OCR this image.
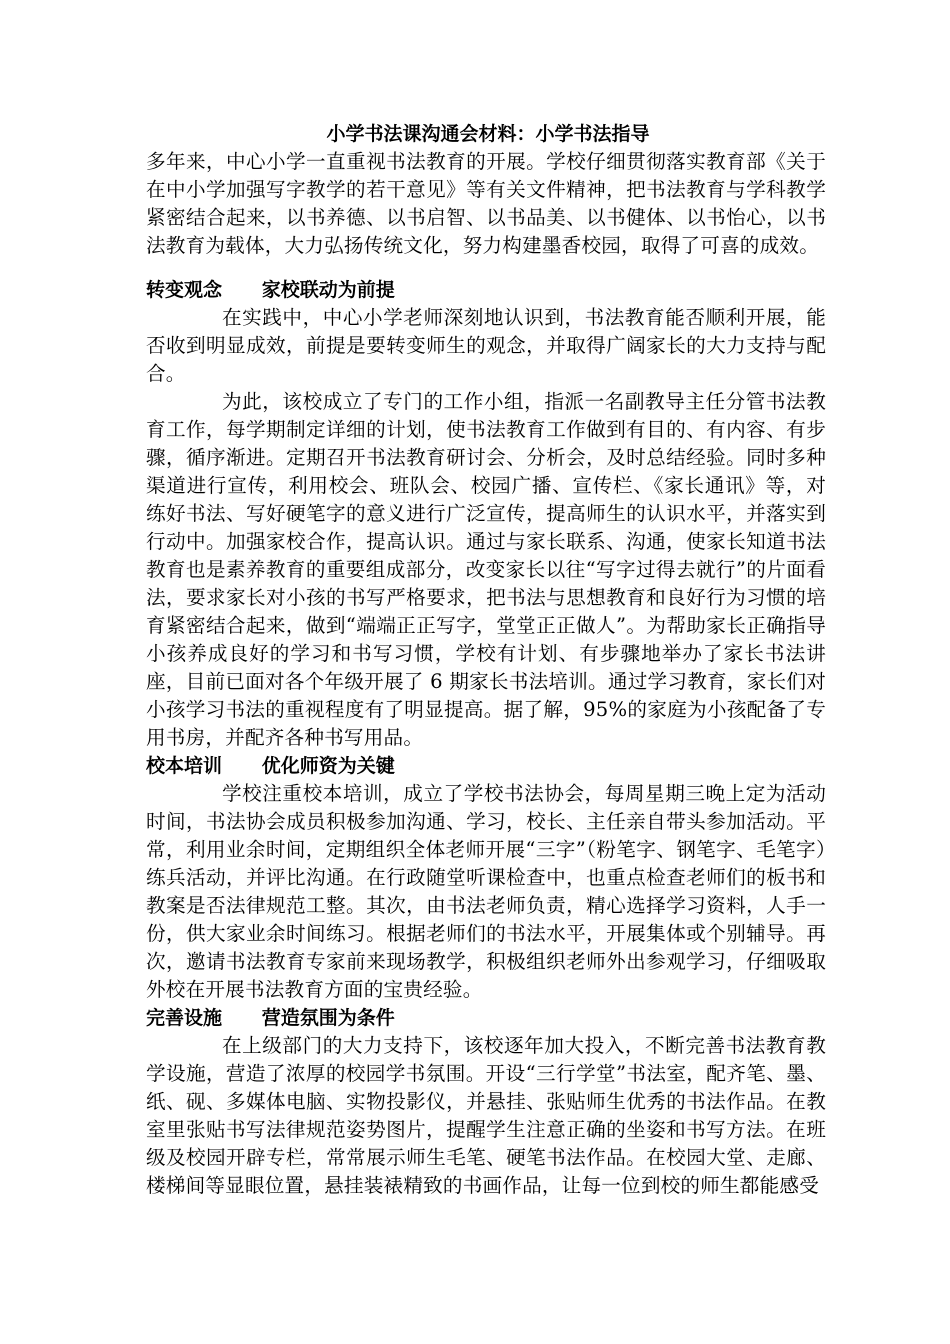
小学书法课沟通会材料：小学书法指导

多年来，中心小学一直重视书法教育的开展。学校仔细贯彻落实教育部《关于在中小学加强写字教学的若干意见》等有关文件精神，把书法教育与学科教学紧密结合起来，以书养德、以书启智、以书品美、以书健体、以书怡心，以书法教育为载体，大力弘扬传统文化，努力构建墨香校园，取得了可喜的成效。

转变观念      家校联动为前提

在实践中，中心小学老师深刻地认识到，书法教育能否顺利开展，能否收到明显成效，前提是要转变师生的观念，并取得广阔家长的大力支持与配合。

为此，该校成立了专门的工作小组，指派一名副教导主任分管书法教育工作，每学期制定详细的计划，使书法教育工作做到有目的、有内容、有步骤，循序渐进。定期召开书法教育研讨会、分析会，及时总结经验。同时多种渠道进行宣传，利用校会、班队会、校园广播、宣传栏、《家长通讯》等，对练好书法、写好硬笔字的意义进行广泛宣传，提高师生的认识水平，并落实到行动中。加强家校合作，提高认识。通过与家长联系、沟通，使家长知道书法教育也是素养教育的重要组成部分，改变家长以往“写字过得去就行”的片面看法，要求家长对小孩的书写严格要求，把书法与思想教育和良好行为习惯的培育紧密结合起来，做到“端端正正写字，堂堂正正做人”。为帮助家长正确指导小孩养成良好的学习和书写习惯，学校有计划、有步骤地举办了家长书法讲座，目前已面对各个年级开展了 6 期家长书法培训。通过学习教育，家长们对小孩学习书法的重视程度有了明显提高。据了解，95%的家庭为小孩配备了专用书房，并配齐各种书写用品。

校本培训      优化师资为关键

学校注重校本培训，成立了学校书法协会，每周星期三晚上定为活动时间，书法协会成员积极参加沟通、学习，校长、主任亲自带头参加活动。平常，利用业余时间，定期组织全体老师开展“三字”（粉笔字、钢笔字、毛笔字）练兵活动，并评比沟通。在行政随堂听课检查中，也重点检查老师们的板书和教案是否法律规范工整。其次，由书法老师负责，精心选择学习资料，人手一份，供大家业余时间练习。根据老师们的书法水平，开展集体或个别辅导。再次，邀请书法教育专家前来现场教学，积极组织老师外出参观学习，仔细吸取外校在开展书法教育方面的宝贵经验。

完善设施      营造氛围为条件

在上级部门的大力支持下，该校逐年加大投入，不断完善书法教育教学设施，营造了浓厚的校园学书氛围。开设“三行学堂”书法室，配齐笔、墨、纸、砚、多媒体电脑、实物投影仪，并悬挂、张贴师生优秀的书法作品。在教室里张贴书写法律规范姿势图片，提醒学生注意正确的坐姿和书写方法。在班级及校园开辟专栏，常常展示师生毛笔、硬笔书法作品。在校园大堂、走廊、楼梯间等显眼位置，悬挂装裱精致的书画作品，让每一位到校的师生都能感受
